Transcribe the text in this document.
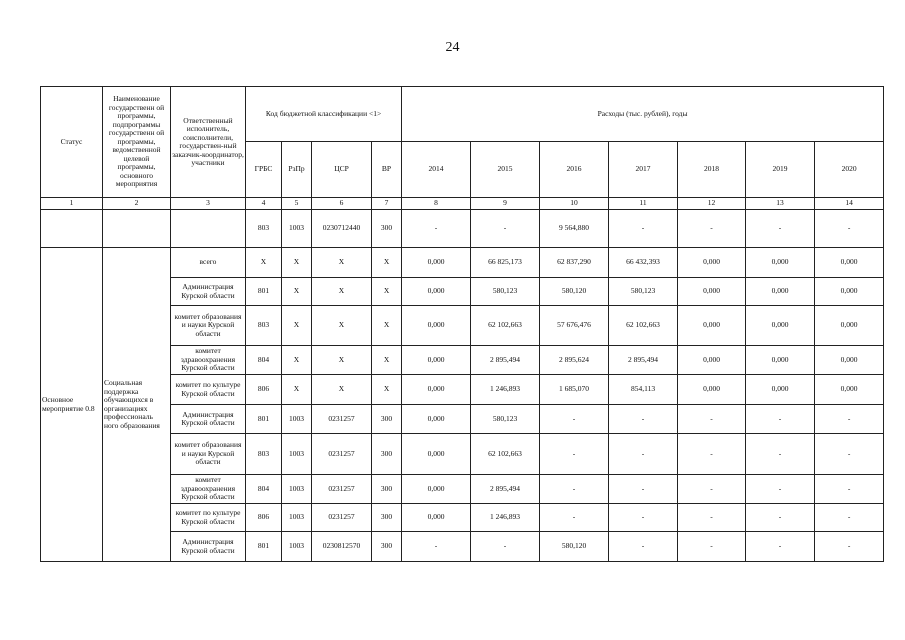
24
Статус	Наименование государственн ой программы, подпрограммы государственн ой программы, ведомственной целевой программы, основного мероприятия	Ответственный исполнитель, соисполнители, государствен-ный заказчик-координатор, участники	Код бюджетной классификации <1>				Расходы (тыс. рублей), годы						
			ГРБС	РзПр	ЦСР	ВР	2014	2015	2016	2017	2018	2019	2020
1	2	3	4	5	6	7	8	9	10	11	12	13	14
			803	1003	0230712440	300	-	-	9 564,880	-	-	-	-
Основное мероприятие 0.8	Социальная поддержка обучающихся в организациях профессиональ ного образования	всего	Х	Х	Х	Х	0,000	66 825,173	62 837,290	66 432,393	0,000	0,000	0,000
		Администрация Курской области	801	Х	Х	Х	0,000	580,123	580,120	580,123	0,000	0,000	0,000
		комитет образования и науки Курской области	803	Х	Х	Х	0,000	62 102,663	57 676,476	62 102,663	0,000	0,000	0,000
		комитет здравоохранения Курской области	804	Х	Х	Х	0,000	2 895,494	2 895,624	2 895,494	0,000	0,000	0,000
		комитет по культуре Курской области	806	Х	Х	Х	0,000	1 246,893	1 685,070	854,113	0,000	0,000	0,000
		Администрация Курской области	801	1003	0231257	300	0,000	580,123	-	-	-	-	-
		комитет образования и науки Курской области	803	1003	0231257	300	0,000	62 102,663	-	-	-	-	-
		комитет здравоохранения Курской области	804	1003	0231257	300	0,000	2 895,494	-	-	-	-	-
		комитет по культуре Курской области	806	1003	0231257	300	0,000	1 246,893	-	-	-	-	-
		Администрация Курской области	801	1003	0230812570	300	-	-	580,120	-	-	-	-
